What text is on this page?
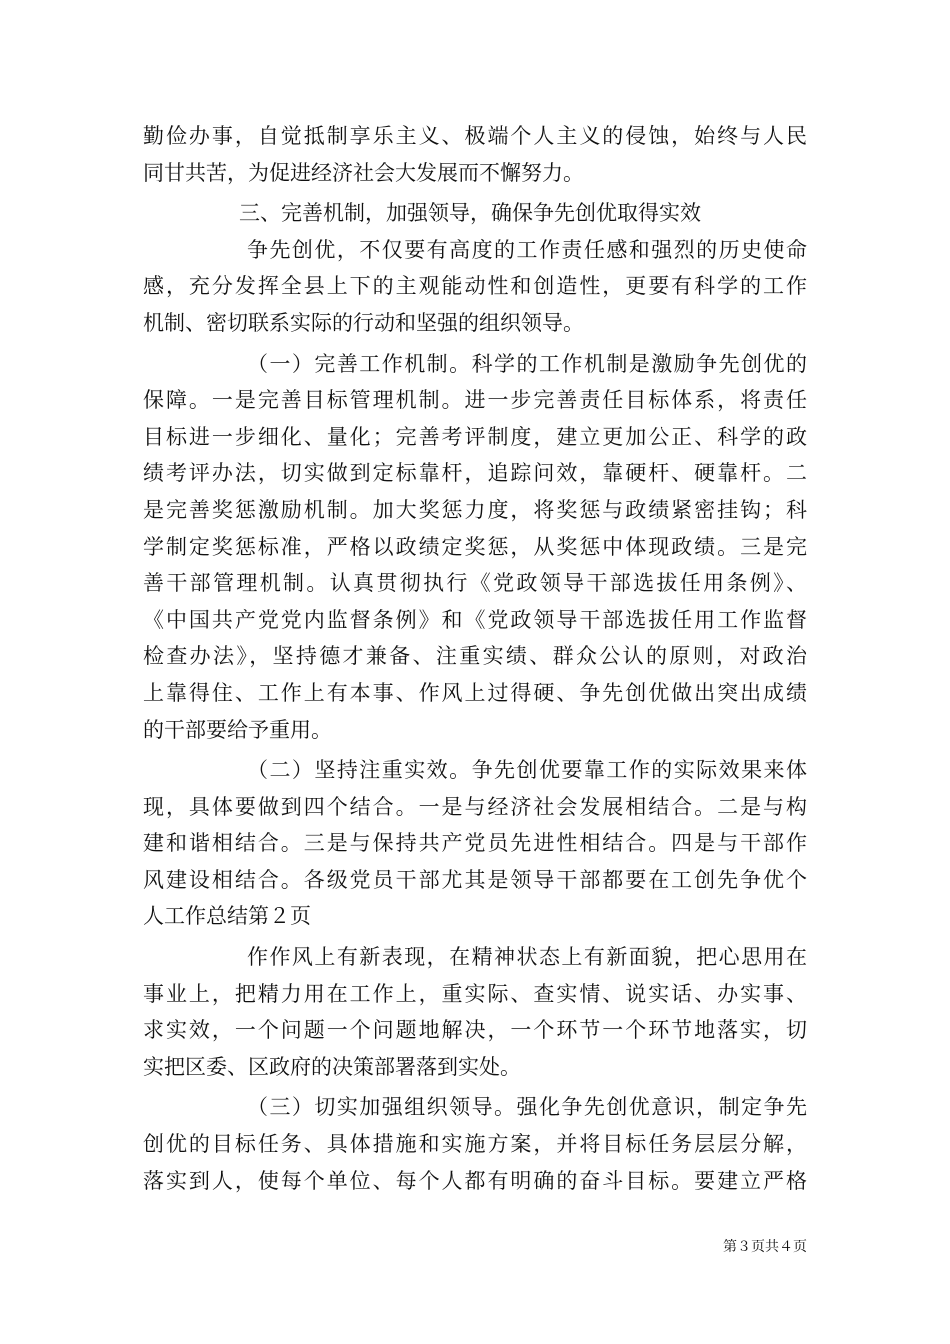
勤俭办事，自觉抵制享乐主义、极端个人主义的侵蚀，始终与人民
同甘共苦，为促进经济社会大发展而不懈努力。
三、完善机制，加强领导，确保争先创优取得实效
争先创优，不仅要有高度的工作责任感和强烈的历史使命
感，充分发挥全县上下的主观能动性和创造性，更要有科学的工作
机制、密切联系实际的行动和坚强的组织领导。
（一）完善工作机制。科学的工作机制是激励争先创优的
保障。一是完善目标管理机制。进一步完善责任目标体系，将责任
目标进一步细化、量化；完善考评制度，建立更加公正、科学的政
绩考评办法，切实做到定标靠杆，追踪问效，靠硬杆、硬靠杆。二
是完善奖惩激励机制。加大奖惩力度，将奖惩与政绩紧密挂钩；科
学制定奖惩标准，严格以政绩定奖惩，从奖惩中体现政绩。三是完
善干部管理机制。认真贯彻执行《党政领导干部选拔任用条例》、
《中国共产党党内监督条例》和《党政领导干部选拔任用工作监督
检查办法》，坚持德才兼备、注重实绩、群众公认的原则，对政治
上靠得住、工作上有本事、作风上过得硬、争先创优做出突出成绩
的干部要给予重用。
（二）坚持注重实效。争先创优要靠工作的实际效果来体
现，具体要做到四个结合。一是与经济社会发展相结合。二是与构
建和谐相结合。三是与保持共产党员先进性相结合。四是与干部作
风建设相结合。各级党员干部尤其是领导干部都要在工创先争优个
人工作总结第２页
作作风上有新表现，在精神状态上有新面貌，把心思用在
事业上，把精力用在工作上，重实际、查实情、说实话、办实事、
求实效，一个问题一个问题地解决，一个环节一个环节地落实，切
实把区委、区政府的决策部署落到实处。
（三）切实加强组织领导。强化争先创优意识，制定争先
创优的目标任务、具体措施和实施方案，并将目标任务层层分解，
落实到人，使每个单位、每个人都有明确的奋斗目标。要建立严格
第３页共４页
